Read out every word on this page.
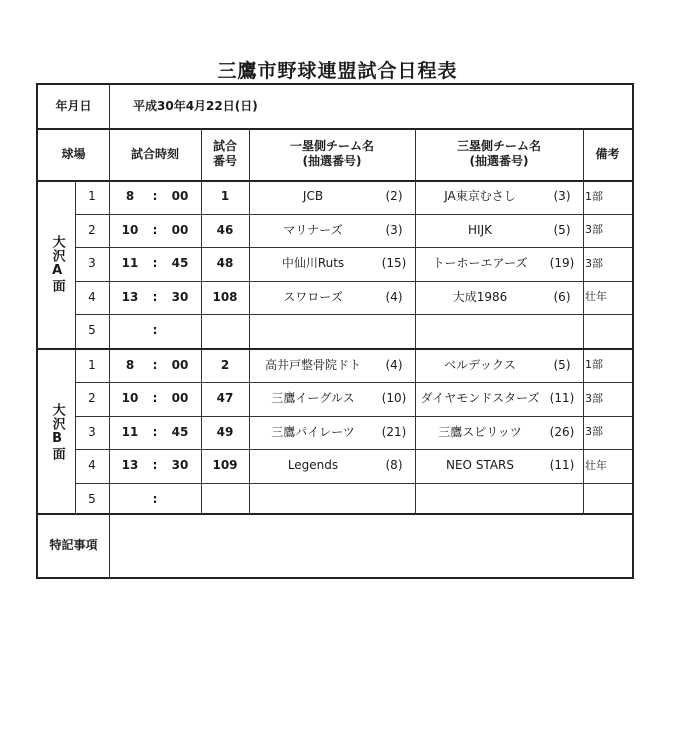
三鷹市野球連盟試合日程表
年月日	平成30年4月22日(日)
球場	試合時刻
試合
番号
一塁側チーム名
(抽選番号)
三塁側チーム名
(抽選番号)
備考
大沢A面
1	8	:	00	1	JCB	(2)	JA東京むさし	(3)	1部
2	10	:	00	46	マリナーズ	(3)	HIJK	(5)	3部
3	11	:	45	48	中仙川Ruts	(15)	トーホーエアーズ	(19) 3部
4	13	:	30	108	スワローズ	(4)	大成1986	(6)	壮年
5	:
大沢B面
1	8	:	00	2	高井戸整骨院ドト	(4)	ベルデックス	(5)	1部
2	10	:	00	47	三鷹イーグルス	(10)	ダイヤモンドスターズ (11) 3部
3	11	:	45	49	三鷹パイレーツ	(21)	三鷹スピリッツ	(26) 3部
4	13	:	30	109	Legends	(8)	NEO STARS	(11) 壮年
5	:
特記事項
